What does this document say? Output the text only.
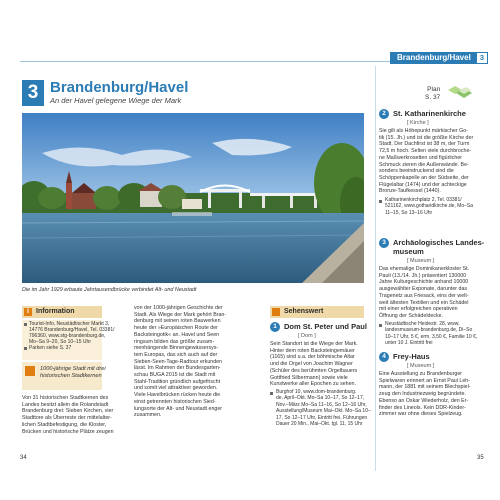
Brandenburg/Havel	3
3 Brandenburg/Havel
An der Havel gelegene Wiege der Mark
Plan
S. 37
Die im Jahr 1929 erbaute Jahrtausendbrücke verbindet Alt- und Neustadt
i	Information
Tourist-Info, Neustädtischer Markt 3,
14776 Brandenburg/Havel, Tel. 03381/
796360, www.stg-brandenburg.de,
Mo–Sa 9–20, So 10–15 Uhr
Parken siehe S. 37
1000-jährige Stadt mit drei
historischen Stadtkernen
Von 31 historischen Stadtkernen des
Landes besitzt allein die Rolandstadt
Brandenburg drei: Sieben Kirchen, vier
Stadttore als Überreste der mittelalter-
lichen Stadtbefestigung, die Kloster,
Brücken und historische Plätze zeugen
von der 1000-jährigen Geschichte der
Stadt. Als Wiege der Mark gehört Bran-
denburg mit seinen roten Bauwerken
heute der »Europäischen Route der
Backsteingotik« an. Havel und Seen
ringsum bilden das größte zusam-
menhängende Binnengewässersys-
tem Europas, das sich auch auf der
Sieben-Seen-Tage-Radtour erkunden
lässt. Im Rahmen der Bundesgarten-
schau BUGA 2015 ist die Stadt mit
Stahl-Tradition gründlich aufgefrischt
und somit viel attraktiver geworden.
Viele Havelbrücken rücken heute die
einst getrennten historischen Sied-
lungsorte der Alt- und Neustadt enger
zusammen.
Sehenswert
1 Dom St. Peter und Paul
[ Dom ]
Sein Standort ist die Wiege der Mark.
Hinter dem roten Backsteingemäuer
(1165) sind u.a. der böhmische Altar
und die Orgel von Joachim Wagner
(Schüler des berühmten Orgelbauers
Gottfried Silbermann) sowie viele
Kunstwerke aller Epochen zu sehen.
Burghof 10, www.dom-brandenburg.
de, April–Okt. Mo–Sa 10–17, So 12–17,
Nov.–März Mo–Sa 11–16, So 12–16 Uhr,
Ausstellung/Museum Mai–Okt. Mo–Sa 10–
17, So 12–17 Uhr, Eintritt frei, Führungen
Dauer 20 Min., Mai–Okt. tgl. 11, 15 Uhr
2 St. Katharinenkirche
[ Kirche ]
Sie gilt als Höhepunkt märkischer Go-
tik (15. Jh.) und ist die größte Kirche der
Stadt. Der Dachfirst ist 38 m, der Turm
72,5 m hoch. Selten viele durchbroche-
ne Maßwerkrosetten und figürlicher
Schmuck zieren die Außenwände. Be-
sonders beeindruckend sind die
Schöppenkapelle an der Südseite, der
Flügelaltar (1474) und der achteckige
Bronze-Taufkessel (1440).
Katharinenkirchplatz 2, Tel. 03381/
521162, www.gotharidkirche.de, Mo–Sa
11–15, So 13–16 Uhr
3 Archäologisches Landes-
museum
[ Museum ]
Das ehemalige Dominikanerkloster St.
Pauli (13./14. Jh.) präsentiert 130000
Jahre Kulturgeschichte anhand 10000
ausgewählter Exponate, darunter das
Tragenetz aus Friesack, eins der welt-
weit ältesten Textilien und ein Schädel
mit einer erfolgreichen operativen
Öffnung der Schädeldecke.
Neustädtische Heidestr. 28, www.
landesmuseum-brandenburg.de, Di–So
10–17 Uhr, 5 €, erm. 3,50 €, Familie 10 €,
unter 10 J. Eintritt frei
4 Frey-Haus
[ Museum ]
Eine Ausstellung zu Brandenburger
Spielwaren erinnert an Ernst Paul Leh-
mann, der 1881 mit seinem Blechspiel-
zeug den Industriezweig begründete.
Ebenso an Oskar Wiederholz, den Er-
finder des Lineols. Kein DDR-Kinder-
zimmer war ohne dieses Spielzeug.
34	35
